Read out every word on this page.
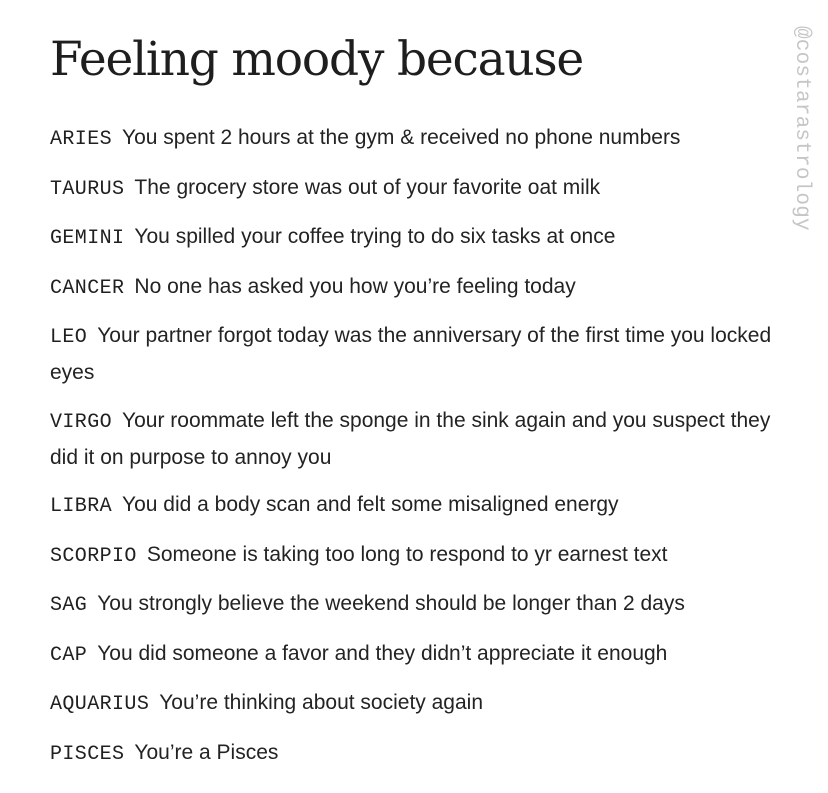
Feeling moody because	@costarastrology

ARIES You spent 2 hours at the gym & received no phone numbers

TAURUS The grocery store was out of your favorite oat milk

GEMINI You spilled your coffee trying to do six tasks at once

CANCER No one has asked you how you’re feeling today

LEO Your partner forgot today was the anniversary of the first time you locked eyes

VIRGO Your roommate left the sponge in the sink again and you suspect they did it on purpose to annoy you

LIBRA You did a body scan and felt some misaligned energy

SCORPIO Someone is taking too long to respond to yr earnest text

SAG You strongly believe the weekend should be longer than 2 days

CAP You did someone a favor and they didn’t appreciate it enough

AQUARIUS You’re thinking about society again

PISCES You’re a Pisces
